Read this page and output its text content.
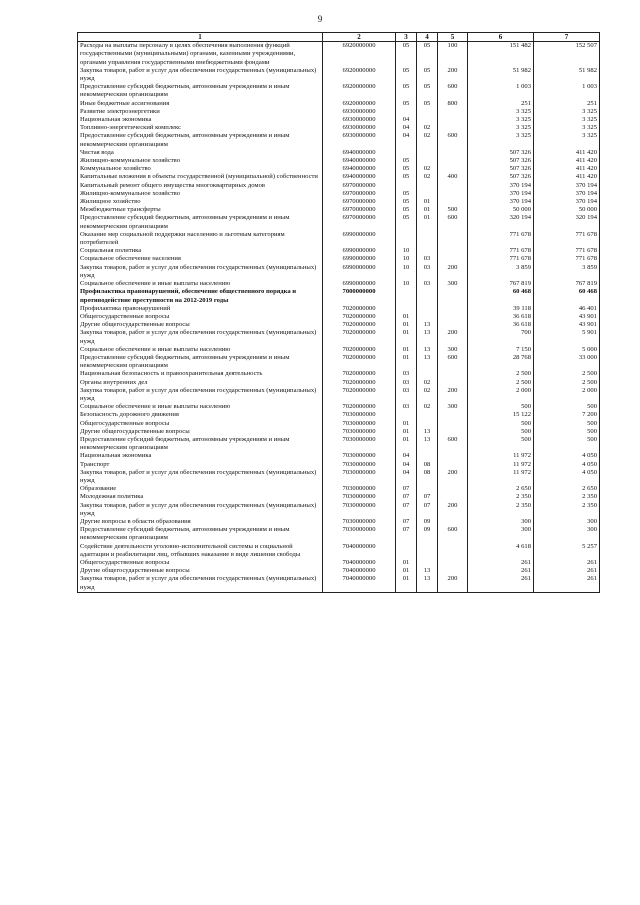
9
1	2	3	4	5	6	7
Расходы на выплаты персоналу в целях обеспечения выполнения функций государственными (муниципальными) органами, казенными учреждениями, органами управления государственными внебюджетными фондами	6920000000	05	05	100	151 482	152 507
Закупка товаров, работ и услуг для обеспечения государственных (муниципальных) нужд	6920000000	05	05	200	51 982	51 982
Предоставление субсидий бюджетным, автономным учреждениям и иным некоммерческим организациям	6920000000	05	05	600	1 003	1 003
Иные бюджетные ассигнования	6920000000	05	05	800	251	251
Развитие электроэнергетики	6930000000				3 325	3 325
Национальная экономика	6930000000	04			3 325	3 325
Топливно-энергетический комплекс	6930000000	04	02		3 325	3 325
Предоставление субсидий бюджетным, автономным учреждениям и иным некоммерческим организациям	6930000000	04	02	600	3 325	3 325
Чистая вода	6940000000				507 326	411 420
Жилищно-коммунальное хозяйство	6940000000	05			507 326	411 420
Коммунальное хозяйство	6940000000	05	02		507 326	411 420
Капитальные вложения в объекты государственной (муниципальной) собственности	6940000000	05	02	400	507 326	411 420
Капитальный ремонт общего имущества многоквартирных домов	6970000000				370 194	370 194
Жилищно-коммунальное хозяйство	6970000000	05			370 194	370 194
Жилищное хозяйство	6970000000	05	01		370 194	370 194
Межбюджетные трансферты	6970000000	05	01	500	50 000	50 000
Предоставление субсидий бюджетным, автономным учреждениям и иным некоммерческим организациям	6970000000	05	01	600	320 194	320 194
Оказание мер социальной поддержки населению и льготным категориям потребителей	6990000000				771 678	771 678
Социальная политика	6990000000	10			771 678	771 678
Социальное обеспечение населения	6990000000	10	03		771 678	771 678
Закупка товаров, работ и услуг для обеспечения государственных (муниципальных) нужд	6990000000	10	03	200	3 859	3 859
Социальное обеспечение и иные выплаты населению	6990000000	10	03	300	767 819	767 819
Профилактика правонарушений, обеспечение общественного порядка и противодействие преступности на 2012-2019 годы	7000000000				60 468	60 468
Профилактика правонарушений	7020000000				39 118	46 401
Общегосударственные вопросы	7020000000	01			36 618	43 901
Другие общегосударственные вопросы	7020000000	01	13		36 618	43 901
Закупка товаров, работ и услуг для обеспечения государственных (муниципальных) нужд	7020000000	01	13	200	700	5 901
Социальное обеспечение и иные выплаты населению	7020000000	01	13	300	7 150	5 000
Предоставление субсидий бюджетным, автономным учреждениям и иным некоммерческим организациям	7020000000	01	13	600	28 768	33 000
Национальная безопасность и правоохранительная деятельность	7020000000	03			2 500	2 500
Органы внутренних дел	7020000000	03	02		2 500	2 500
Закупка товаров, работ и услуг для обеспечения государственных (муниципальных) нужд	7020000000	03	02	200	2 000	2 000
Социальное обеспечение и иные выплаты населению	7020000000	03	02	300	500	500
Безопасность дорожного движения	7030000000				15 122	7 200
Общегосударственные вопросы	7030000000	01			500	500
Другие общегосударственные вопросы	7030000000	01	13		500	500
Предоставление субсидий бюджетным, автономным учреждениям и иным некоммерческим организациям	7030000000	01	13	600	500	500
Национальная экономика	7030000000	04			11 972	4 050
Транспорт	7030000000	04	08		11 972	4 050
Закупка товаров, работ и услуг для обеспечения государственных (муниципальных) нужд	7030000000	04	08	200	11 972	4 050
Образование	7030000000	07			2 650	2 650
Молодежная политика	7030000000	07	07		2 350	2 350
Закупка товаров, работ и услуг для обеспечения государственных (муниципальных) нужд	7030000000	07	07	200	2 350	2 350
Другие вопросы в области образования	7030000000	07	09		300	300
Предоставление субсидий бюджетным, автономным учреждениям и иным некоммерческим организациям	7030000000	07	09	600	300	300
Содействие деятельности уголовно-исполнительной системы и социальной адаптации и реабилитации лиц, отбывших наказание в виде лишения свободы	7040000000				4 618	5 257
Общегосударственные вопросы	7040000000	01			261	261
Другие общегосударственные вопросы	7040000000	01	13		261	261
Закупка товаров, работ и услуг для обеспечения государственных (муниципальных) нужд	7040000000	01	13	200	261	261
